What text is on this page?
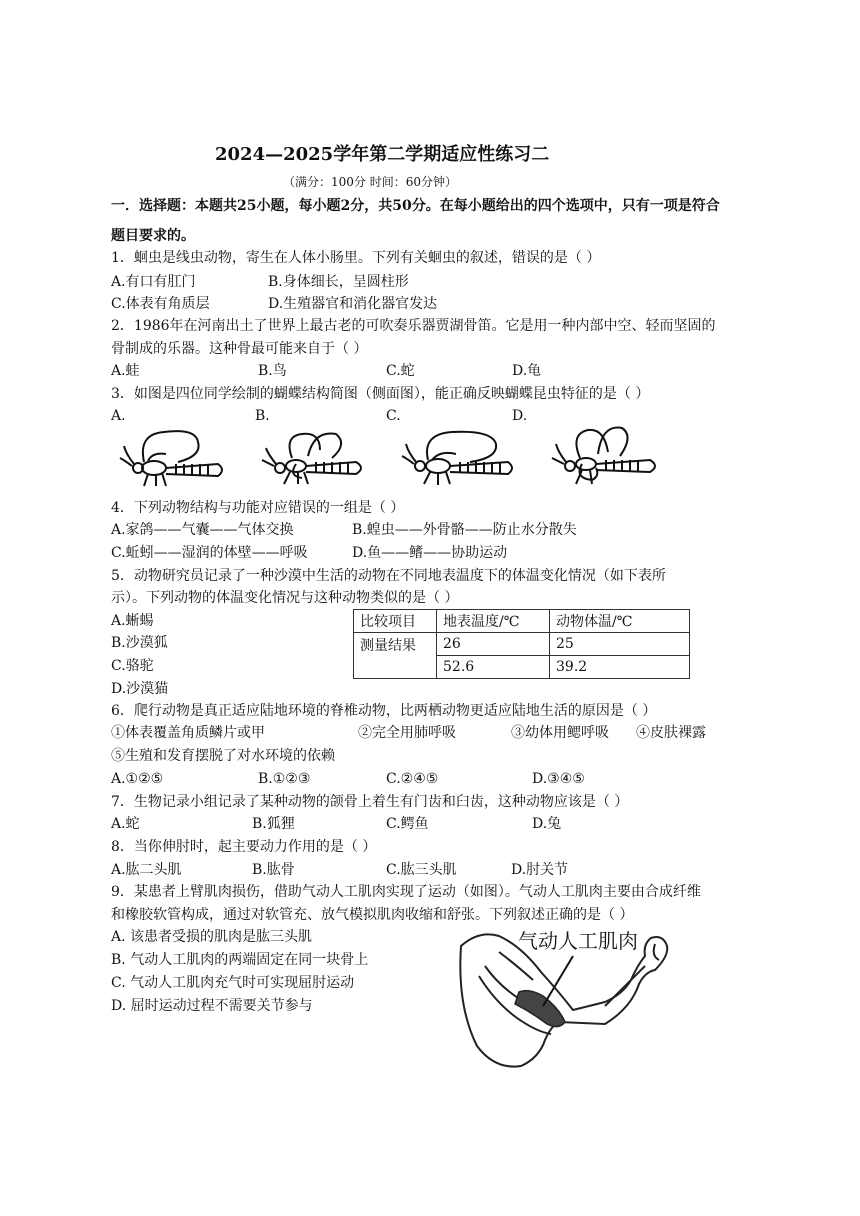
2024—2025学年第二学期适应性练习二
（满分：100分 时间：60分钟）
一．选择题：本题共25小题，每小题2分，共50分。在每小题给出的四个选项中，只有一项是符合
题目要求的。
1．蛔虫是线虫动物，寄生在人体小肠里。下列有关蛔虫的叙述，错误的是（ ）
A.有口有肛门	B.身体细长，呈圆柱形
C.体表有角质层	D.生殖器官和消化器官发达
2．1986年在河南出土了世界上最古老的可吹奏乐器贾湖骨笛。它是用一种内部中空、轻而坚固的
骨制成的乐器。这种骨最可能来自于（ ）
A.蛙	B.鸟	C.蛇	D.龟
3．如图是四位同学绘制的蝴蝶结构简图（侧面图），能正确反映蝴蝶昆虫特征的是（ ）
A.	B.	C.	D.
4．下列动物结构与功能对应错误的一组是（ ）
A.家鸽——气囊——气体交换	B.蝗虫——外骨骼——防止水分散失
C.蚯蚓——湿润的体壁——呼吸	D.鱼——鳍——协助运动
5．动物研究员记录了一种沙漠中生活的动物在不同地表温度下的体温变化情况（如下表所
示）。下列动物的体温变化情况与这种动物类似的是（ ）
A.蜥蜴
B.沙漠狐
C.骆驼
D.沙漠猫
比较项目	地表温度/℃	动物体温/℃
测量结果	26	25
	52.6	39.2
6．爬行动物是真正适应陆地环境的脊椎动物，比两栖动物更适应陆地生活的原因是（ ）
①体表覆盖角质鳞片或甲	②完全用肺呼吸	③幼体用鳃呼吸 ④皮肤裸露
⑤生殖和发育摆脱了对水环境的依赖
A.①②⑤	B.①②③	C.②④⑤	D.③④⑤
7．生物记录小组记录了某种动物的颌骨上着生有门齿和臼齿，这种动物应该是（ ）
A.蛇	B.狐狸	C.鳄鱼	D.兔
8．当你伸肘时，起主要动力作用的是（ ）
A.肱二头肌	B.肱骨	C.肱三头肌	D.肘关节
9．某患者上臂肌肉损伤，借助气动人工肌肉实现了运动（如图）。气动人工肌肉主要由合成纤维
和橡胶软管构成，通过对软管充、放气模拟肌肉收缩和舒张。下列叙述正确的是（ ）
A. 该患者受损的肌肉是肱三头肌
B. 气动人工肌肉的两端固定在同一块骨上
C. 气动人工肌肉充气时可实现屈肘运动
D. 屈时运动过程不需要关节参与
气动人工肌肉
